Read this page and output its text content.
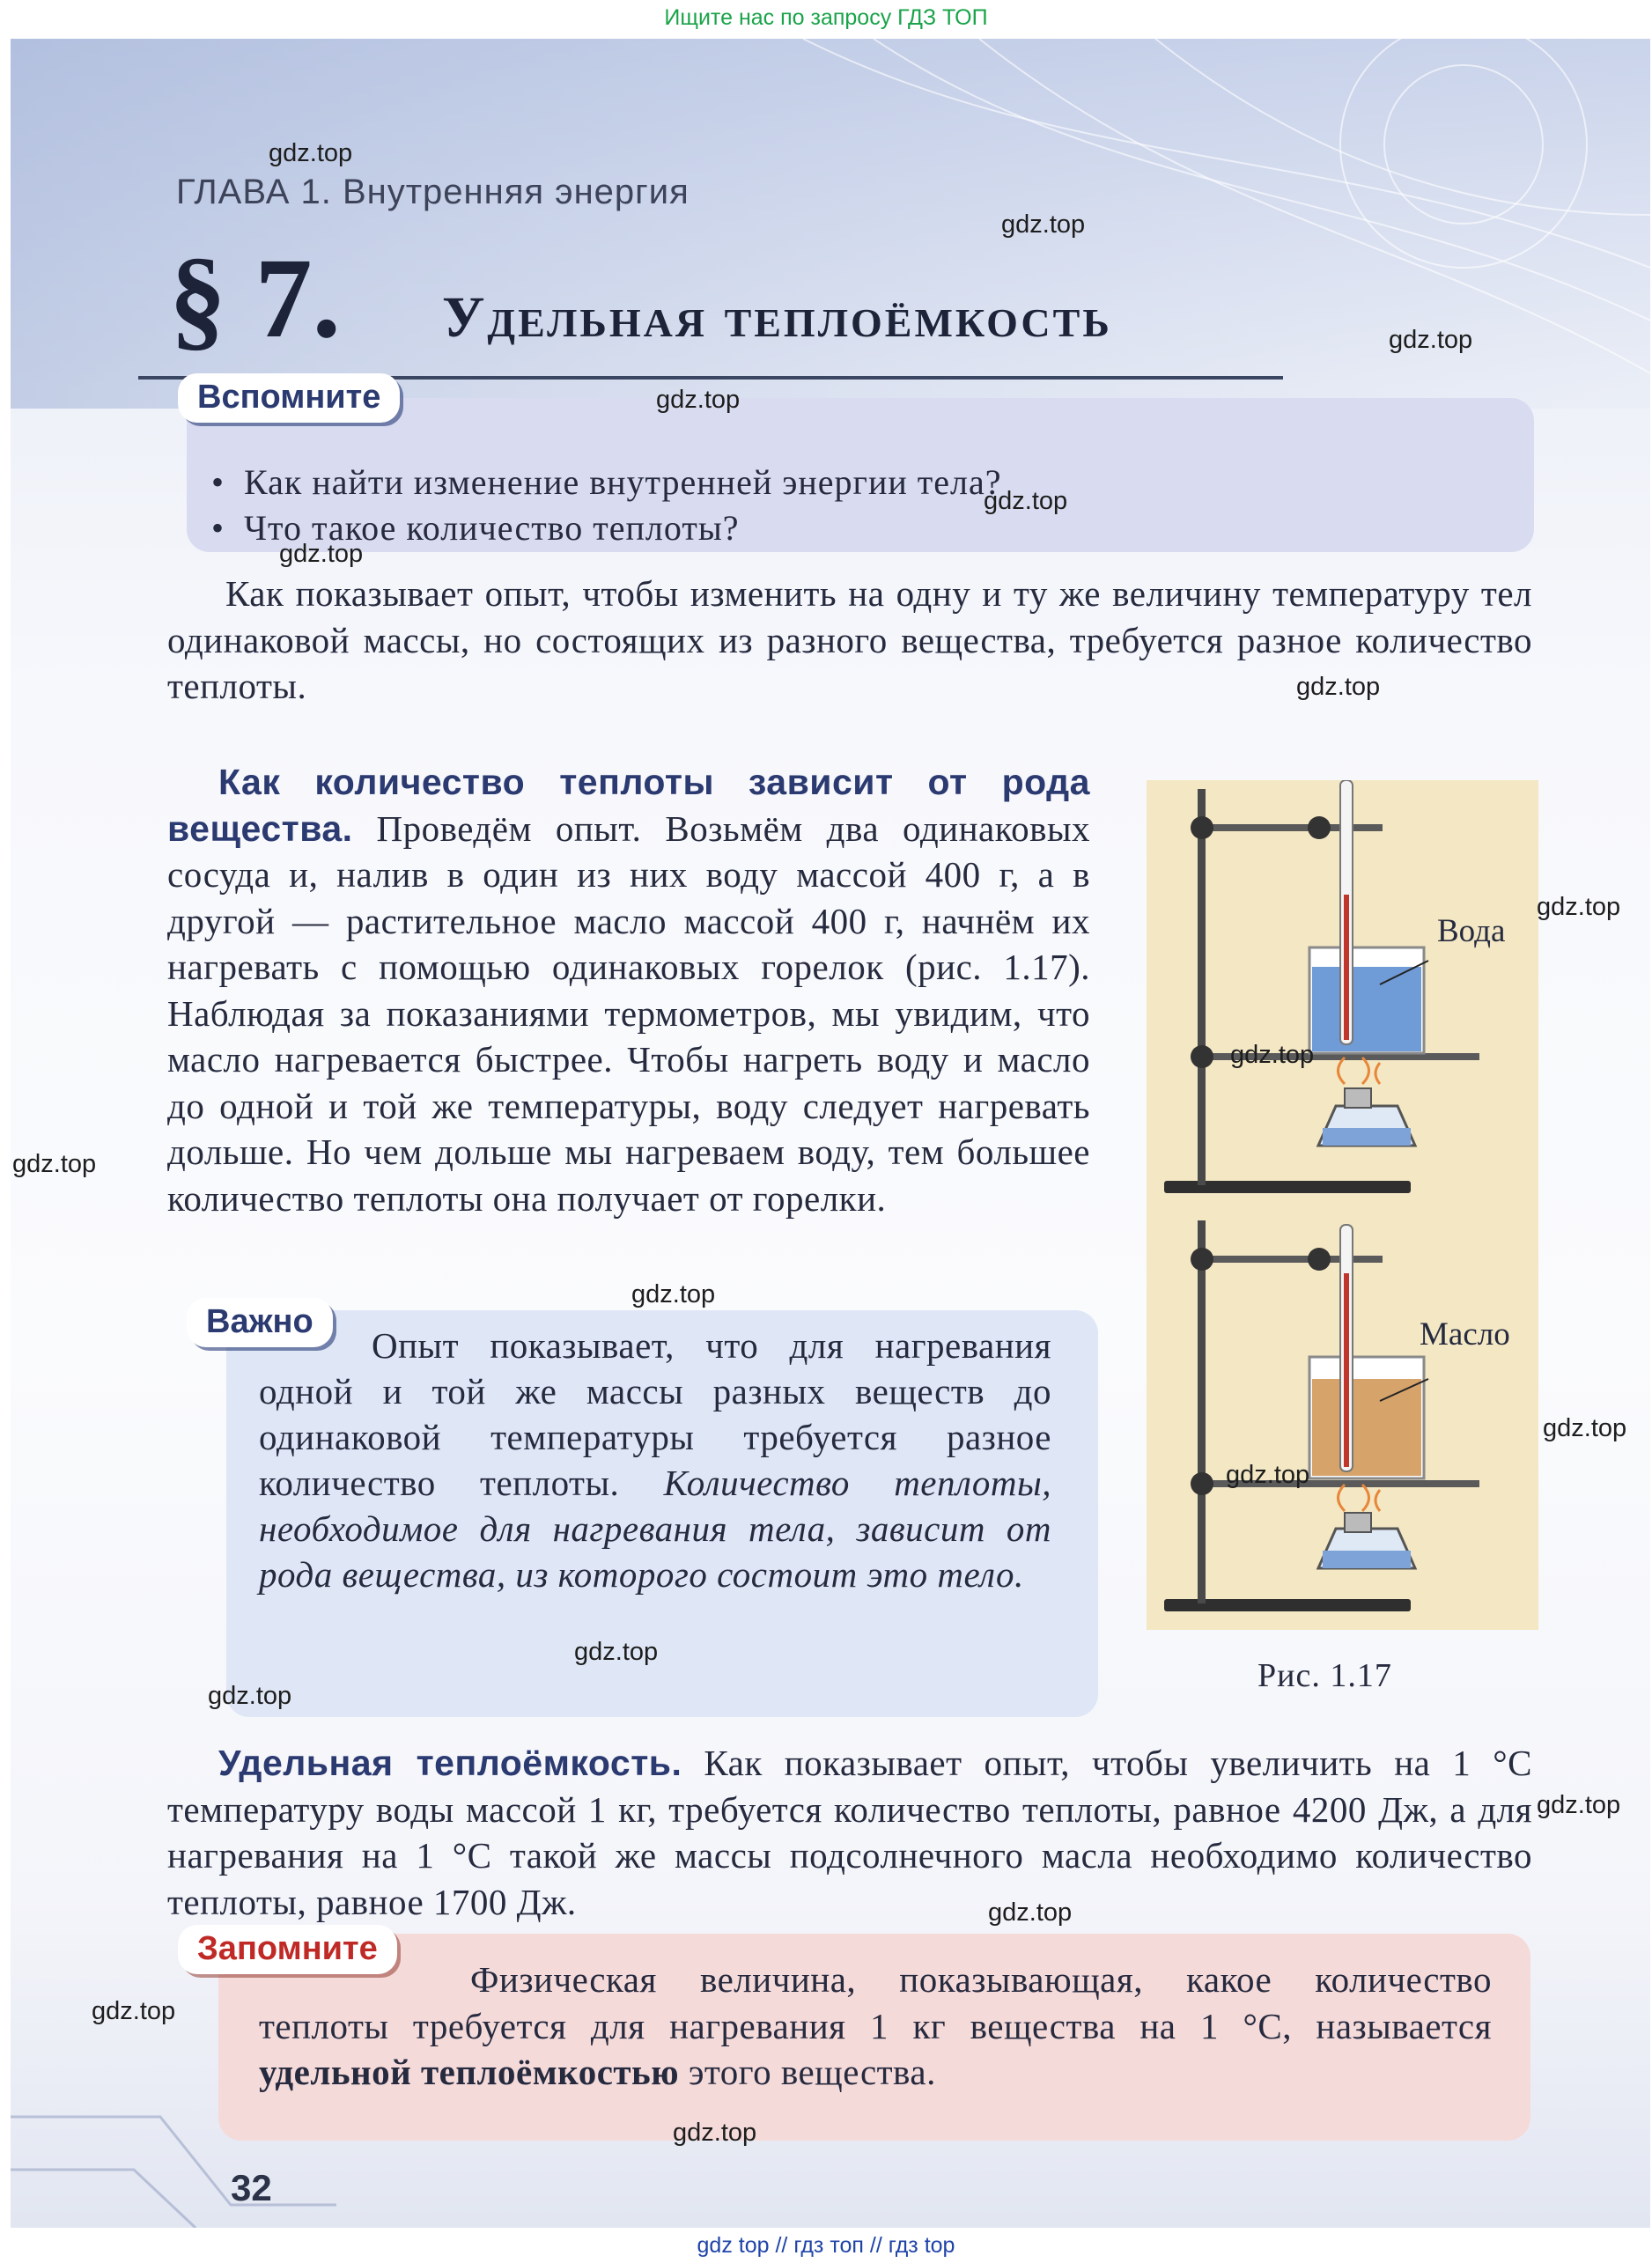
Ищите нас по запросу ГДЗ ТОП
ГЛАВА 1. Внутренняя энергия
§ 7. Удельная теплоёмкость
Вспомните
• Как найти изменение внутренней энергии тела?
• Что такое количество теплоты?

Как показывает опыт, чтобы изменить на одну и ту же величину температуру тел одинаковой массы, но состоящих из разного вещества, требуется разное количество теплоты.

Как количество теплоты зависит от рода вещества. Проведём опыт. Возьмём два одинаковых сосуда и, налив в один из них воду массой 400 г, а в другой — растительное масло массой 400 г, начнём их нагревать с помощью одинаковых горелок (рис. 1.17). Наблюдая за показаниями термометров, мы увидим, что масло нагревается быстрее. Чтобы нагреть воду и масло до одной и той же температуры, воду следует нагревать дольше. Но чем дольше мы нагреваем воду, тем большее количество теплоты она получает от горелки.

Вода
Масло
Рис. 1.17
Важно

Опыт показывает, что для нагревания одной и той же массы разных веществ до одинаковой температуры требуется разное количество теплоты. Количество теплоты, необходимое для нагревания тела, зависит от рода вещества, из которого состоит это тело.

Удельная теплоёмкость. Как показывает опыт, чтобы увеличить на 1 °С температуру воды массой 1 кг, требуется количество теплоты, равное 4200 Дж, а для нагревания на 1 °С такой же массы подсолнечного масла необходимо количество теплоты, равное 1700 Дж.

Запомните

Физическая величина, показывающая, какое количество теплоты требуется для нагревания 1 кг вещества на 1 °С, называется удельной теплоёмкостью этого вещества.

32
gdz.top
gdz.top
gdz.top
gdz.top
gdz.top
gdz.top
gdz.top
gdz.top
gdz.top
gdz.top
gdz.top
gdz.top
gdz.top
gdz.top
gdz.top
gdz.top
gdz.top
gdz.top
gdz.top
gdz top // гдз топ // гдз top
